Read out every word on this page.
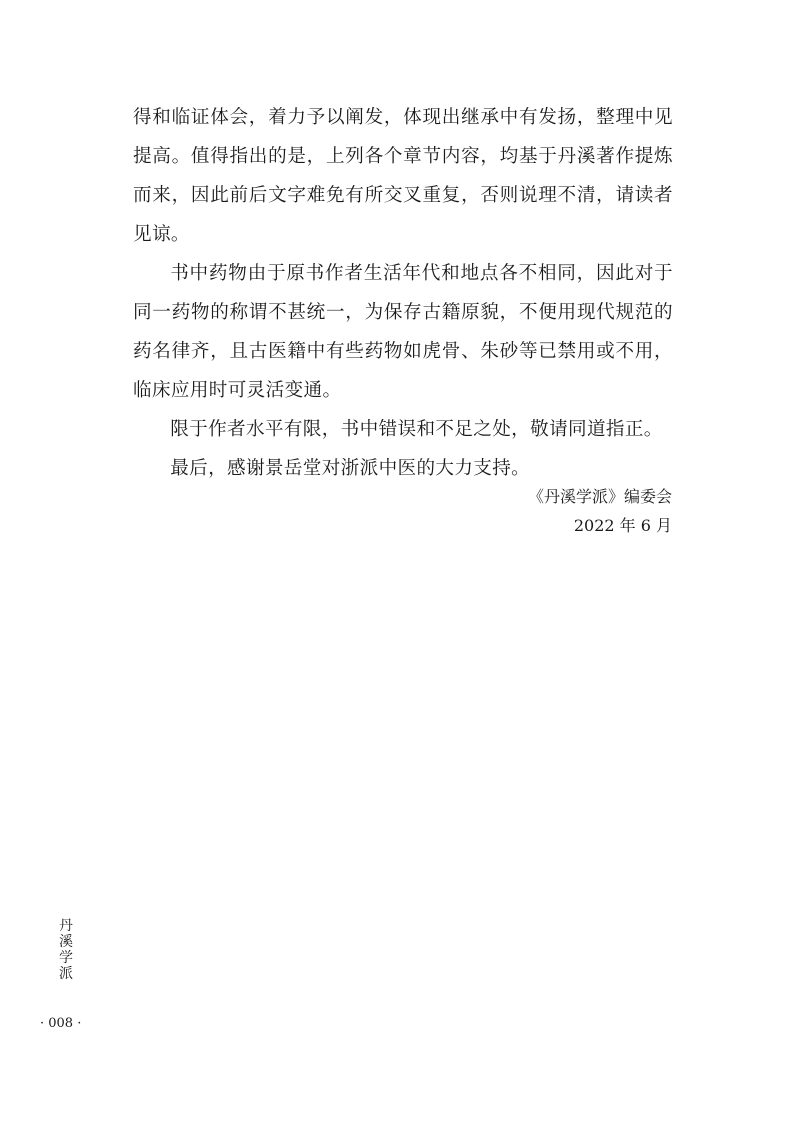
得和临证体会，着力予以阐发，体现出继承中有发扬，整理中见提高。值得指出的是，上列各个章节内容，均基于丹溪著作提炼而来，因此前后文字难免有所交叉重复，否则说理不清，请读者见谅。

书中药物由于原书作者生活年代和地点各不相同，因此对于同一药物的称谓不甚统一，为保存古籍原貌，不便用现代规范的药名律齐，且古医籍中有些药物如虎骨、朱砂等已禁用或不用，临床应用时可灵活变通。

限于作者水平有限，书中错误和不足之处，敬请同道指正。

最后，感谢景岳堂对浙派中医的大力支持。

《丹溪学派》编委会
2022 年 6 月
丹
溪
学
派
· 008 ·
